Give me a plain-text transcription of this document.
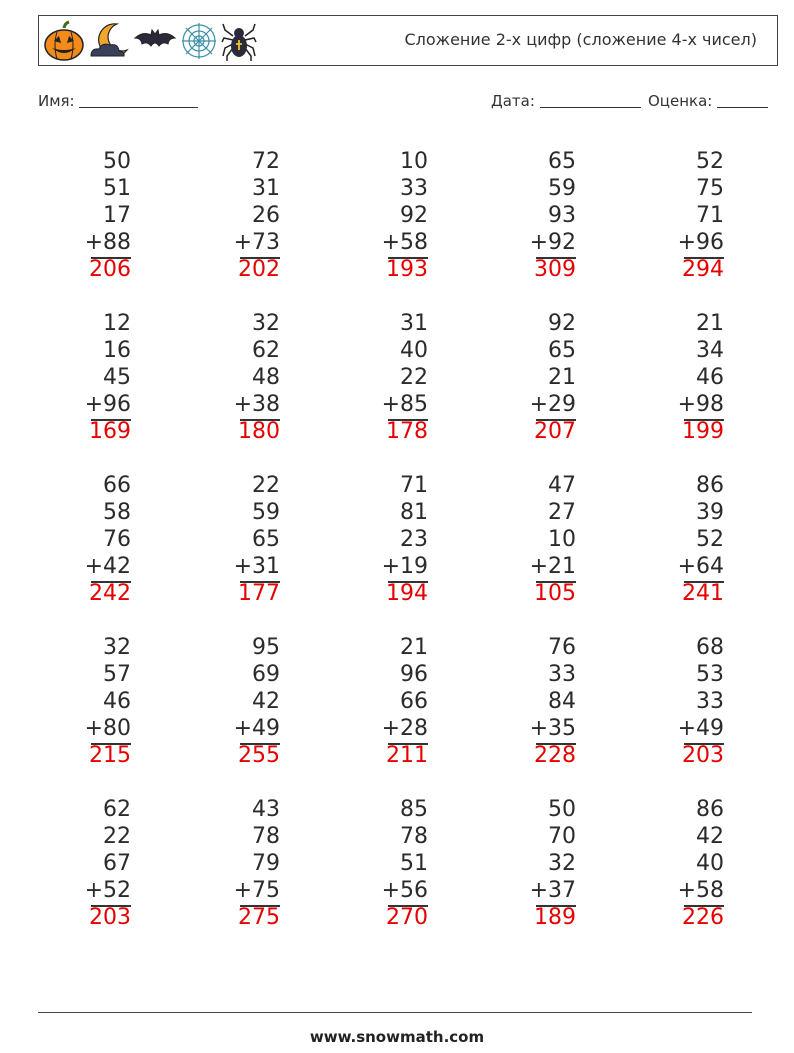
Сложение 2-х цифр (сложение 4-х чисел)
Имя:	Дата:	Оценка:
50
51
17
+88
206
72
31
26
+73
202
10
33
92
+58
193
65
59
93
+92
309
52
75
71
+96
294
12
16
45
+96
169
32
62
48
+38
180
31
40
22
+85
178
92
65
21
+29
207
21
34
46
+98
199
66
58
76
+42
242
22
59
65
+31
177
71
81
23
+19
194
47
27
10
+21
105
86
39
52
+64
241
32
57
46
+80
215
95
69
42
+49
255
21
96
66
+28
211
76
33
84
+35
228
68
53
33
+49
203
62
22
67
+52
203
43
78
79
+75
275
85
78
51
+56
270
50
70
32
+37
189
86
42
40
+58
226
www.snowmath.com
